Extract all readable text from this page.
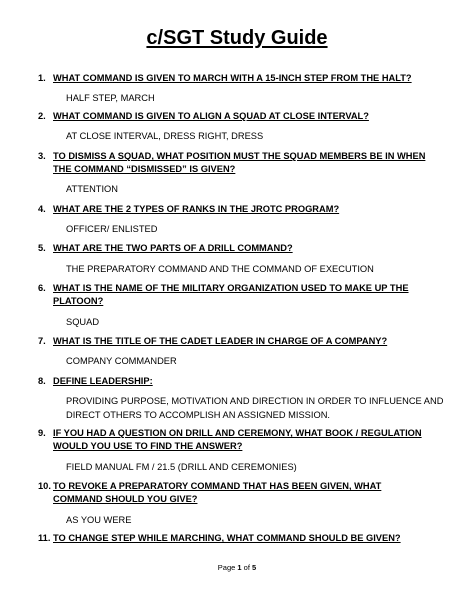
c/SGT Study Guide
1. WHAT COMMAND IS GIVEN TO MARCH WITH A 15-INCH STEP FROM THE HALT?
HALF STEP, MARCH
2. WHAT COMMAND IS GIVEN TO ALIGN A SQUAD AT CLOSE INTERVAL?
AT CLOSE INTERVAL, DRESS RIGHT, DRESS
3. TO DISMISS A SQUAD, WHAT POSITION MUST THE SQUAD MEMBERS BE IN WHEN THE COMMAND “DISMISSED” IS GIVEN?
ATTENTION
4. WHAT ARE THE 2 TYPES OF RANKS IN THE JROTC PROGRAM?
OFFICER/ ENLISTED
5. WHAT ARE THE TWO PARTS OF A DRILL COMMAND?
THE PREPARATORY COMMAND AND THE COMMAND OF EXECUTION
6. WHAT IS THE NAME OF THE MILITARY ORGANIZATION USED TO MAKE UP THE PLATOON?
SQUAD
7. WHAT IS THE TITLE OF THE CADET LEADER IN CHARGE OF A COMPANY?
COMPANY COMMANDER
8. DEFINE LEADERSHIP:
PROVIDING PURPOSE, MOTIVATION AND DIRECTION IN ORDER TO INFLUENCE AND DIRECT OTHERS TO ACCOMPLISH AN ASSIGNED MISSION.
9. IF YOU HAD A QUESTION ON DRILL AND CEREMONY, WHAT BOOK / REGULATION WOULD YOU USE TO FIND THE ANSWER?
FIELD MANUAL FM / 21.5 (DRILL AND CEREMONIES)
10. TO REVOKE A PREPARATORY COMMAND THAT HAS BEEN GIVEN, WHAT COMMAND SHOULD YOU GIVE?
AS YOU WERE
11. TO CHANGE STEP WHILE MARCHING, WHAT COMMAND SHOULD BE GIVEN?
Page 1 of 5
